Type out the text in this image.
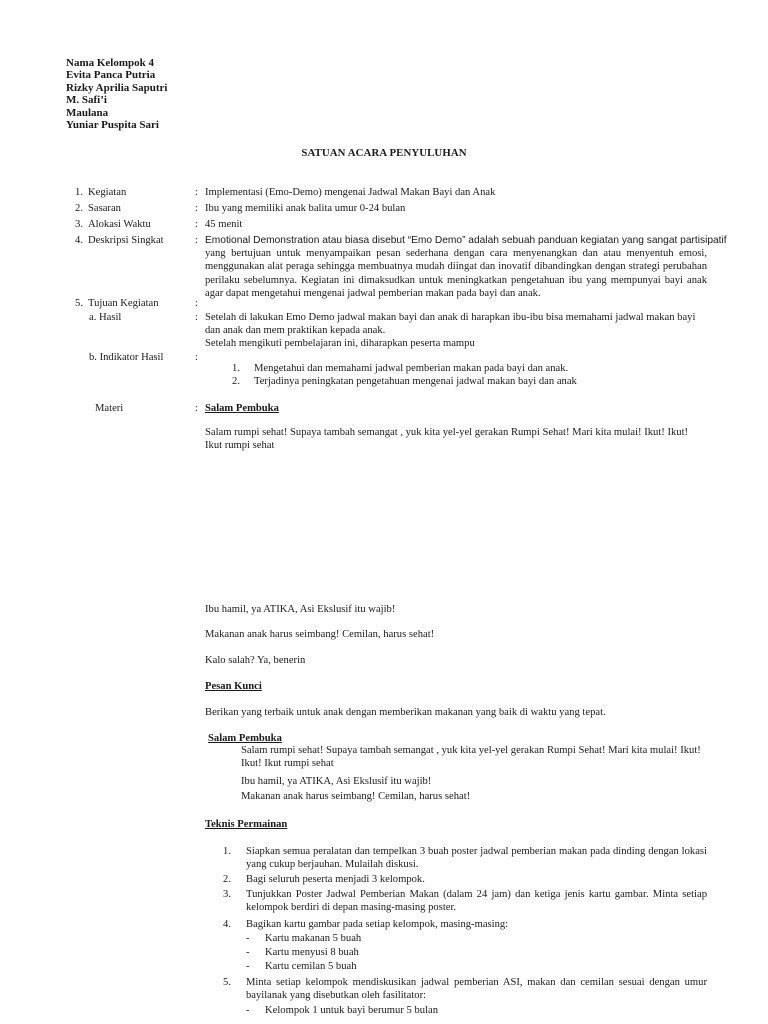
Nama Kelompok 4
Evita Panca Putria
Rizky Aprilia Saputri
M. Safi’i
Maulana
Yuniar Puspita Sari
SATUAN ACARA PENYULUHAN
1. Kegiatan	: Implementasi (Emo-Demo) mengenai Jadwal Makan Bayi dan Anak
2. Sasaran	: Ibu yang memiliki anak balita umur 0-24 bulan
3. Alokasi Waktu	: 45 menit
4. Deskripsi Singkat	: Emotional Demonstration atau biasa disebut “Emo Demo” adalah sebuah panduan kegiatan yang sangat partisipatif
yang bertujuan untuk menyampaikan pesan sederhana dengan cara menyenangkan dan atau menyentuh emosi, menggunakan alat peraga sehingga membuatnya mudah diingat dan inovatif dibandingkan dengan strategi perubahan perilaku sebelumnya. Kegiatan ini dimaksudkan untuk meningkatkan pengetahuan ibu yang mempunyai bayi anak agar dapat mengetahui mengenai jadwal pemberian makan pada bayi dan anak.
5. Tujuan Kegiatan	:
a. Hasil	: Setelah di lakukan Emo Demo jadwal makan bayi dan anak di harapkan ibu-ibu bisa memahami jadwal makan bayi dan anak dan mem praktikan kepada anak.
Setelah mengikuti pembelajaran ini, diharapkan peserta mampu
b. Indikator Hasil	:
1. Mengetahui dan memahami jadwal pemberian makan pada bayi dan anak.
2. Terjadinya peningkatan pengetahuan mengenai jadwal makan bayi dan anak
Materi	: Salam Pembuka
Salam rumpi sehat! Supaya tambah semangat , yuk kita yel-yel gerakan Rumpi Sehat! Mari kita mulai! Ikut! Ikut! Ikut rumpi sehat
Ibu hamil, ya ATIKA, Asi Ekslusif itu wajib!
Makanan anak harus seimbang! Cemilan, harus sehat!
Kalo salah? Ya, benerin
Pesan Kunci
Berikan yang terbaik untuk anak dengan memberikan makanan yang baik di waktu yang tepat.
Salam Pembuka
Salam rumpi sehat! Supaya tambah semangat , yuk kita yel-yel gerakan Rumpi Sehat! Mari kita mulai! Ikut! Ikut! Ikut rumpi sehat
Ibu hamil, ya ATIKA, Asi Ekslusif itu wajib!
Makanan anak harus seimbang! Cemilan, harus sehat!
Teknis Permainan
1. Siapkan semua peralatan dan tempelkan 3 buah poster jadwal pemberian makan pada dinding dengan lokasi yang cukup berjauhan. Mulailah diskusi.
2. Bagi seluruh peserta menjadi 3 kelompok.
3. Tunjukkan Poster Jadwal Pemberian Makan (dalam 24 jam) dan ketiga jenis kartu gambar. Minta setiap kelompok berdiri di depan masing-masing poster.
4. Bagikan kartu gambar pada setiap kelompok, masing-masing:
- Kartu makanan 5 buah
- Kartu menyusi 8 buah
- Kartu cemilan 5 buah
5. Minta setiap kelompok mendiskusikan jadwal pemberian ASI, makan dan cemilan sesuai dengan umur bayilanak yang disebutkan oleh fasilitator:
- Kelompok 1 untuk bayi berumur 5 bulan
